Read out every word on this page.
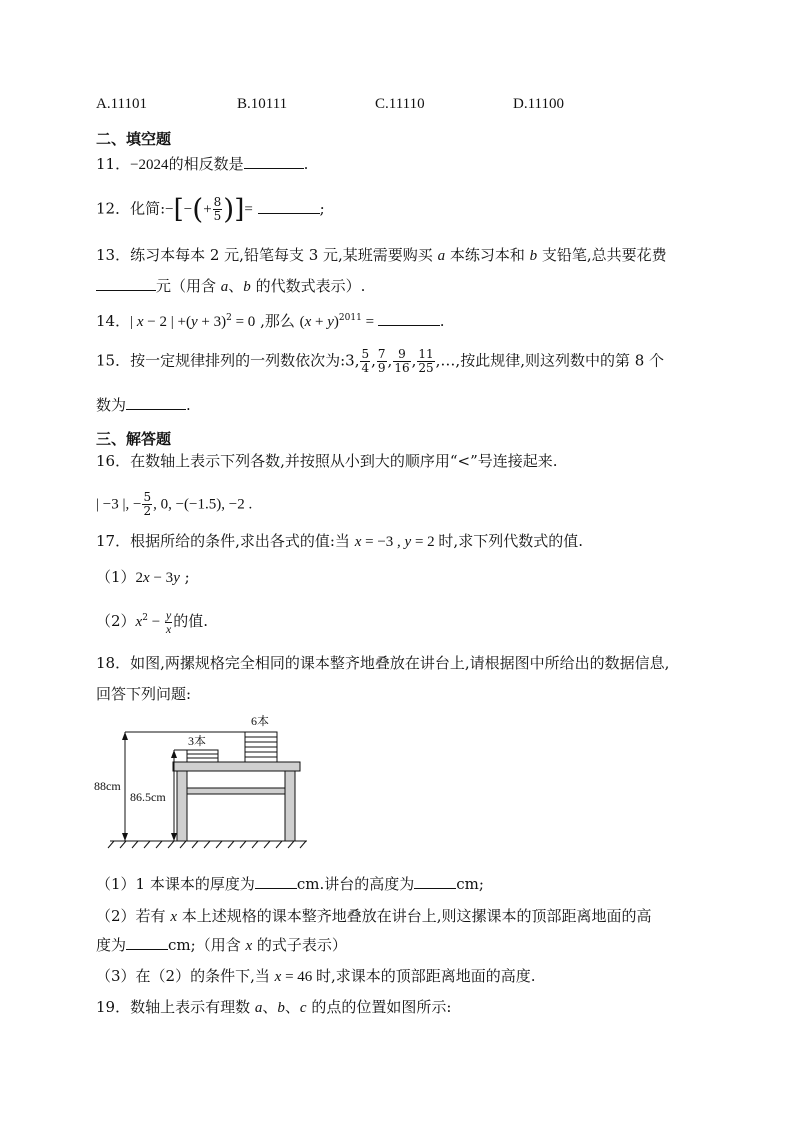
A.11101	B.10111	C.11110	D.11100
二、填空题
11．−2024的相反数是	.
12．化简:−[−(+ $\frac{8}{5}$ )]=	;
13．练习本每本 2 元,铅笔每支 3 元,某班需要购买 a 本练习本和 b 支铅笔,总共要花费
元（用含 a、b 的代数式表示）.
14．| x − 2 | $+(y + 3)^2 = 0$ ,那么 $(x + y)^{2011}$ =	.
15．按一定规律排列的一列数依次为:3, $\frac{5}{4}$ , $\frac{7}{9}$ , $\frac{9}{16}$ , $\frac{11}{25}$ ,…,按此规律,则这列数中的第 8 个
数为	.
三、解答题
16．在数轴上表示下列各数,并按照从小到大的顺序用“<”号连接起来.
| −3 |, − $\frac{5}{2}$ , 0, −(−1.5), −2 .
17．根据所给的条件,求出各式的值:当 x = −3 , y = 2 时,求下列代数式的值.
（1）2x − 3y ;
$(2)x^2 - \frac{y}{x}$ 的值.
18．如图,两摞规格完全相同的课本整齐地叠放在讲台上,请根据图中所给出的数据信息,
回答下列问题:
6本
3本
88cm
86.5cm
（1）1 本课本的厚度为	cm.讲台的高度为	cm;
（2）若有 x 本上述规格的课本整齐地叠放在讲台上,则这摞课本的顶部距离地面的高
度为	cm;（用含 x 的式子表示）
（3）在（2）的条件下,当 x = 46 时,求课本的顶部距离地面的高度.
19．数轴上表示有理数 a、b、c 的点的位置如图所示:
